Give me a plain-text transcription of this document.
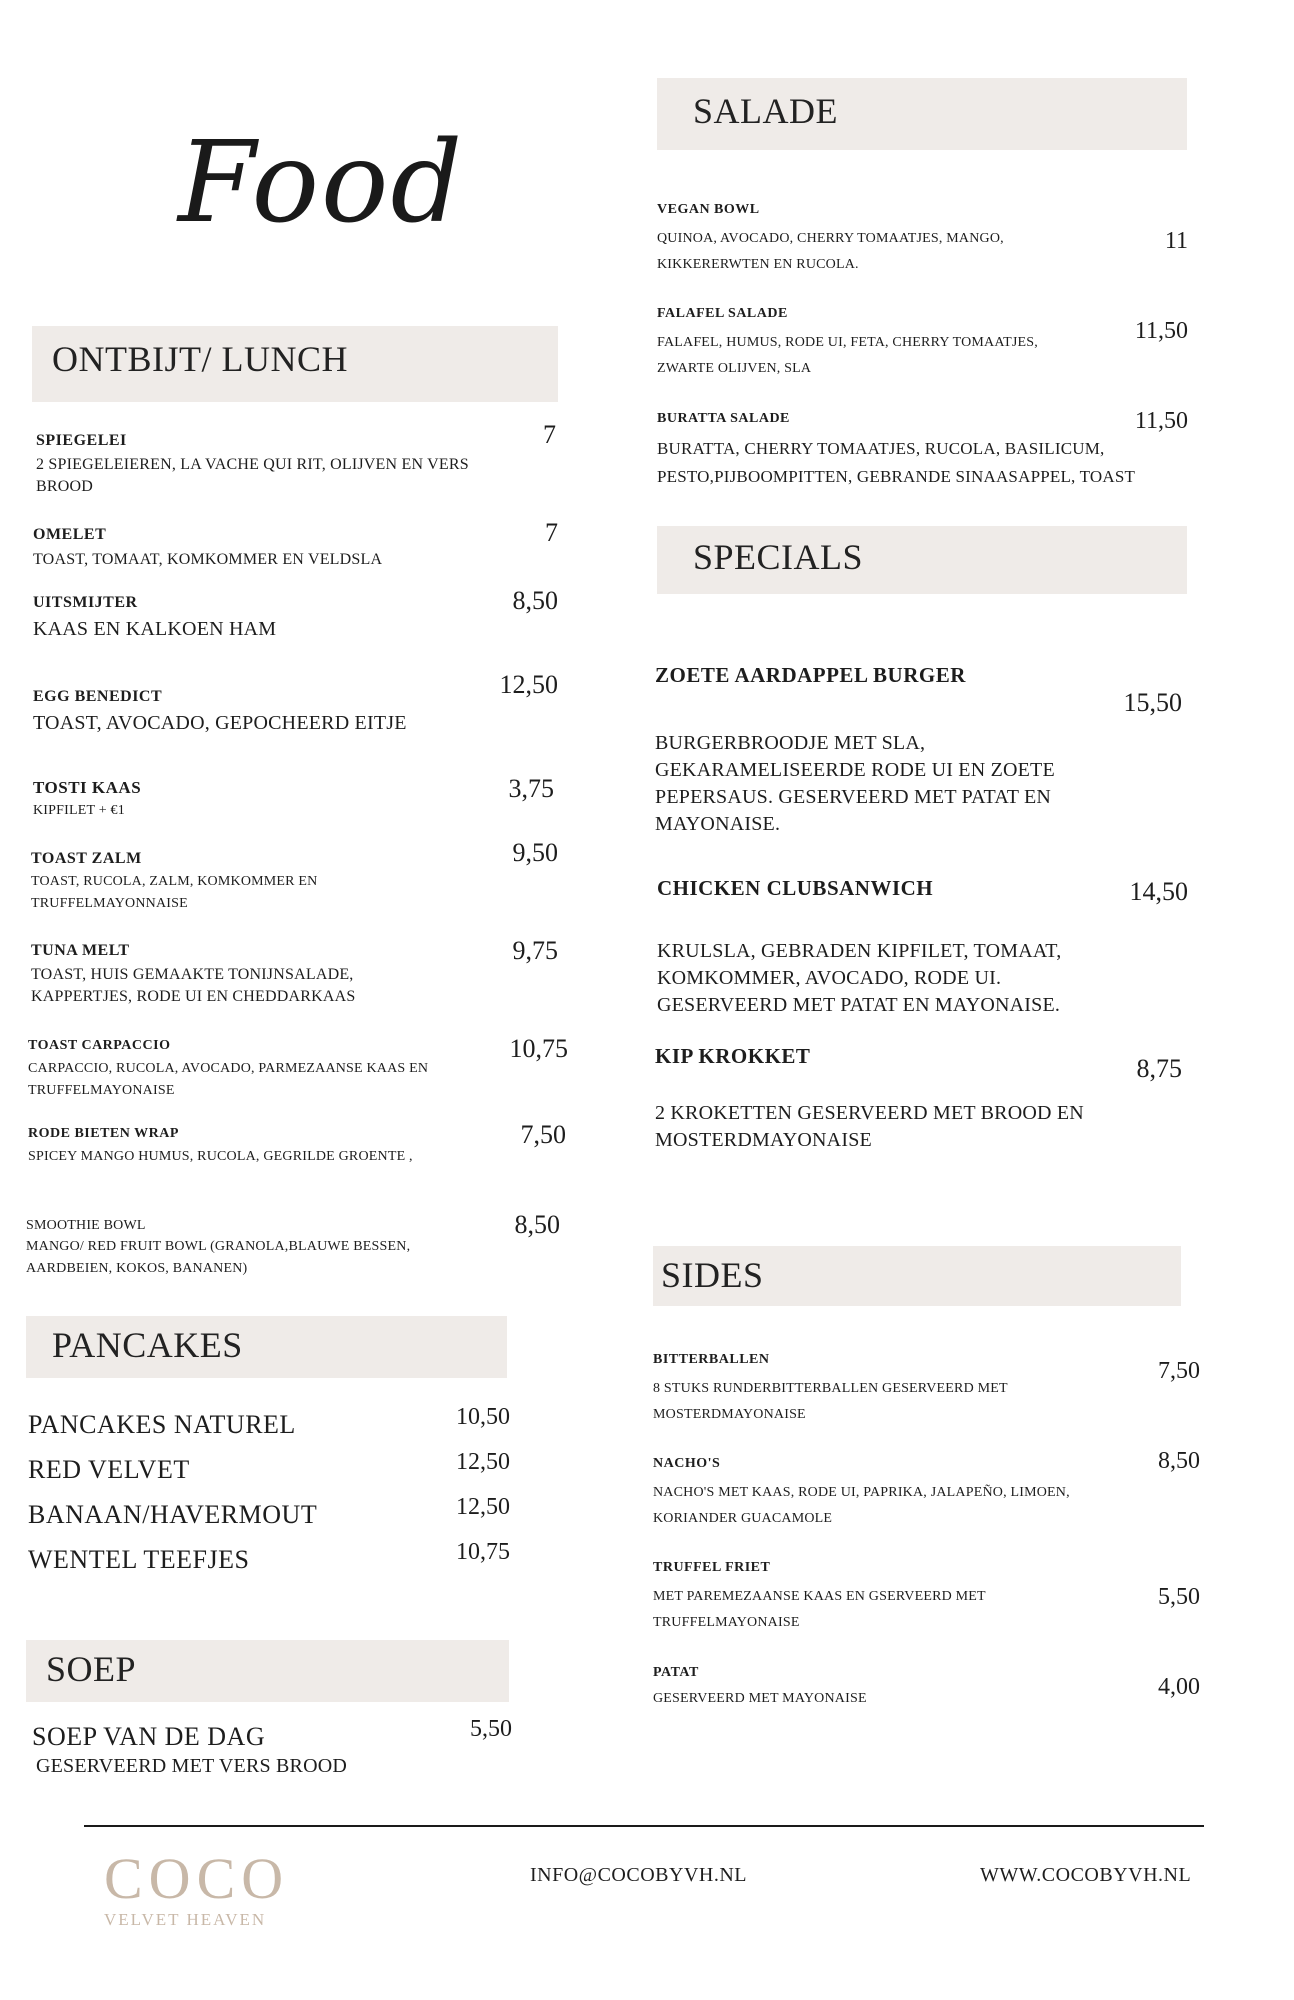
Food
ONTBIJT/ LUNCH
SPIEGELEI
2 SPIEGELEIEREN, LA VACHE QUI RIT, OLIJVEN EN VERS BROOD
7
OMELET
TOAST, TOMAAT, KOMKOMMER EN VELDSLA
7
UITSMIJTER
KAAS EN KALKOEN HAM
8,50
EGG BENEDICT
TOAST, AVOCADO, GEPOCHEERD EITJE
12,50
TOSTI KAAS
KIPFILET + €1
3,75
TOAST ZALM
TOAST, RUCOLA, ZALM, KOMKOMMER EN TRUFFELMAYONNAISE
9,50
TUNA MELT
TOAST, HUIS GEMAAKTE TONIJNSALADE, KAPPERTJES, RODE UI EN CHEDDARKAAS
9,75
TOAST CARPACCIO
CARPACCIO, RUCOLA, AVOCADO, PARMEZAANSE KAAS EN TRUFFELMAYONAISE
10,75
RODE BIETEN WRAP
SPICEY MANGO HUMUS, RUCOLA, GEGRILDE GROENTE ,
7,50
SMOOTHIE BOWL
MANGO/ RED FRUIT BOWL (GRANOLA,BLAUWE BESSEN, AARDBEIEN, KOKOS, BANANEN)
8,50
PANCAKES
PANCAKES NATUREL	10,50
RED VELVET	12,50
BANAAN/HAVERMOUT	12,50
WENTEL TEEFJES	10,75
SOEP
SOEP VAN DE DAG
GESERVEERD MET VERS BROOD
5,50
SALADE
VEGAN BOWL
QUINOA, AVOCADO, CHERRY TOMAATJES, MANGO, KIKKERERWTEN EN RUCOLA.
11
FALAFEL SALADE
FALAFEL, HUMUS, RODE UI, FETA, CHERRY TOMAATJES, ZWARTE OLIJVEN, SLA
11,50
BURATTA SALADE
BURATTA, CHERRY TOMAATJES, RUCOLA, BASILICUM, PESTO,PIJBOOMPITTEN, GEBRANDE SINAASAPPEL, TOAST
11,50
SPECIALS
ZOETE AARDAPPEL BURGER
15,50
BURGERBROODJE MET SLA, GEKARAMELISEERDE RODE UI EN ZOETE PEPERSAUS. GESERVEERD MET PATAT EN MAYONAISE.
CHICKEN CLUBSANWICH	14,50
KRULSLA, GEBRADEN KIPFILET, TOMAAT, KOMKOMMER, AVOCADO, RODE UI. GESERVEERD MET PATAT EN MAYONAISE.
KIP KROKKET	8,75
2 KROKETTEN GESERVEERD MET BROOD EN MOSTERDMAYONAISE
SIDES
BITTERBALLEN
8 STUKS RUNDERBITTERBALLEN GESERVEERD MET MOSTERDMAYONAISE
7,50
NACHO'S
NACHO'S MET KAAS, RODE UI, PAPRIKA, JALAPEÑO, LIMOEN, KORIANDER GUACAMOLE
8,50
TRUFFEL FRIET
MET PAREMEZAANSE KAAS EN GSERVEERD MET TRUFFELMAYONAISE
5,50
PATAT
GESERVEERD MET MAYONAISE	4,00
COCO
VELVET HEAVEN
INFO@COCOBYVH.NL	WWW.COCOBYVH.NL
